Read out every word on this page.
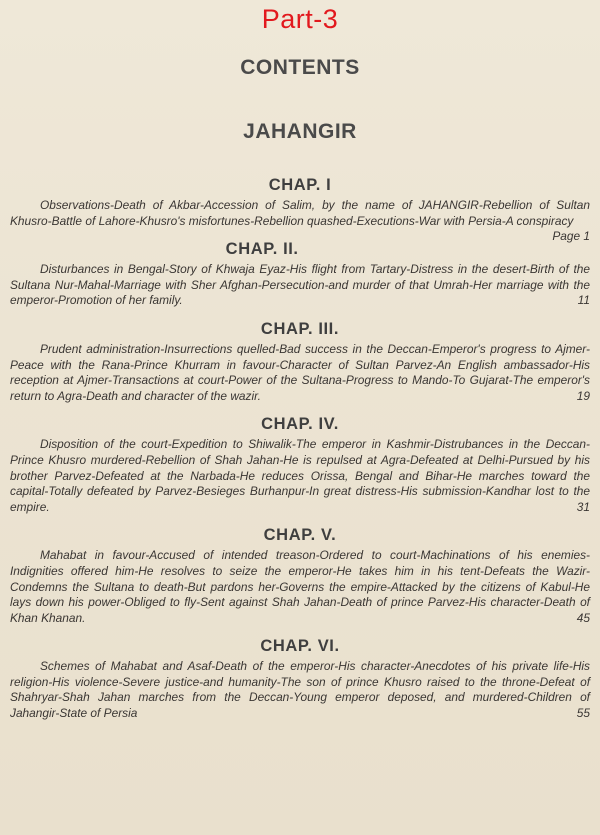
Part-3
CONTENTS
JAHANGIR
CHAP. I
Observations-Death of Akbar-Accession of Salim, by the name of JAHANGIR-Rebellion of Sultan Khusro-Battle of Lahore-Khusro's misfortunes-Rebellion quashed-Executions-War with Persia-A conspiracy
Page 1
CHAP. II.
Disturbances in Bengal-Story of Khwaja Eyaz-His flight from Tartary-Distress in the desert-Birth of the Sultana Nur-Mahal-Marriage with Sher Afghan-Persecution-and murder of that Umrah-Her marriage with the emperor-Promotion of her family.	11
CHAP. III.
Prudent administration-Insurrections quelled-Bad success in the Deccan-Emperor's progress to Ajmer-Peace with the Rana-Prince Khurram in favour-Character of Sultan Parvez-An English ambassador-His reception at Ajmer-Transactions at court-Power of the Sultana-Progress to Mando-To Gujarat-The emperor's return to Agra-Death and character of the wazir.	19
CHAP. IV.
Disposition of the court-Expedition to Shiwalik-The emperor in Kashmir-Distrubances in the Deccan-Prince Khusro murdered-Rebellion of Shah Jahan-He is repulsed at Agra-Defeated at Delhi-Pursued by his brother Parvez-Defeated at the Narbada-He reduces Orissa, Bengal and Bihar-He marches toward the capital-Totally defeated by Parvez-Besieges Burhanpur-In great distress-His submission-Kandhar lost to the empire.	31
CHAP. V.
Mahabat in favour-Accused of intended treason-Ordered to court-Machinations of his enemies-Indignities offered him-He resolves to seize the emperor-He takes him in his tent-Defeats the Wazir-Condemns the Sultana to death-But pardons her-Governs the empire-Attacked by the citizens of Kabul-He lays down his power-Obliged to fly-Sent against Shah Jahan-Death of prince Parvez-His character-Death of Khan Khanan.	45
CHAP. VI.
Schemes of Mahabat and Asaf-Death of the emperor-His character-Anecdotes of his private life-His religion-His violence-Severe justice-and humanity-The son of prince Khusro raised to the throne-Defeat of Shahryar-Shah Jahan marches from the Deccan-Young emperor deposed, and murdered-Children of Jahangir-State of Persia	55
